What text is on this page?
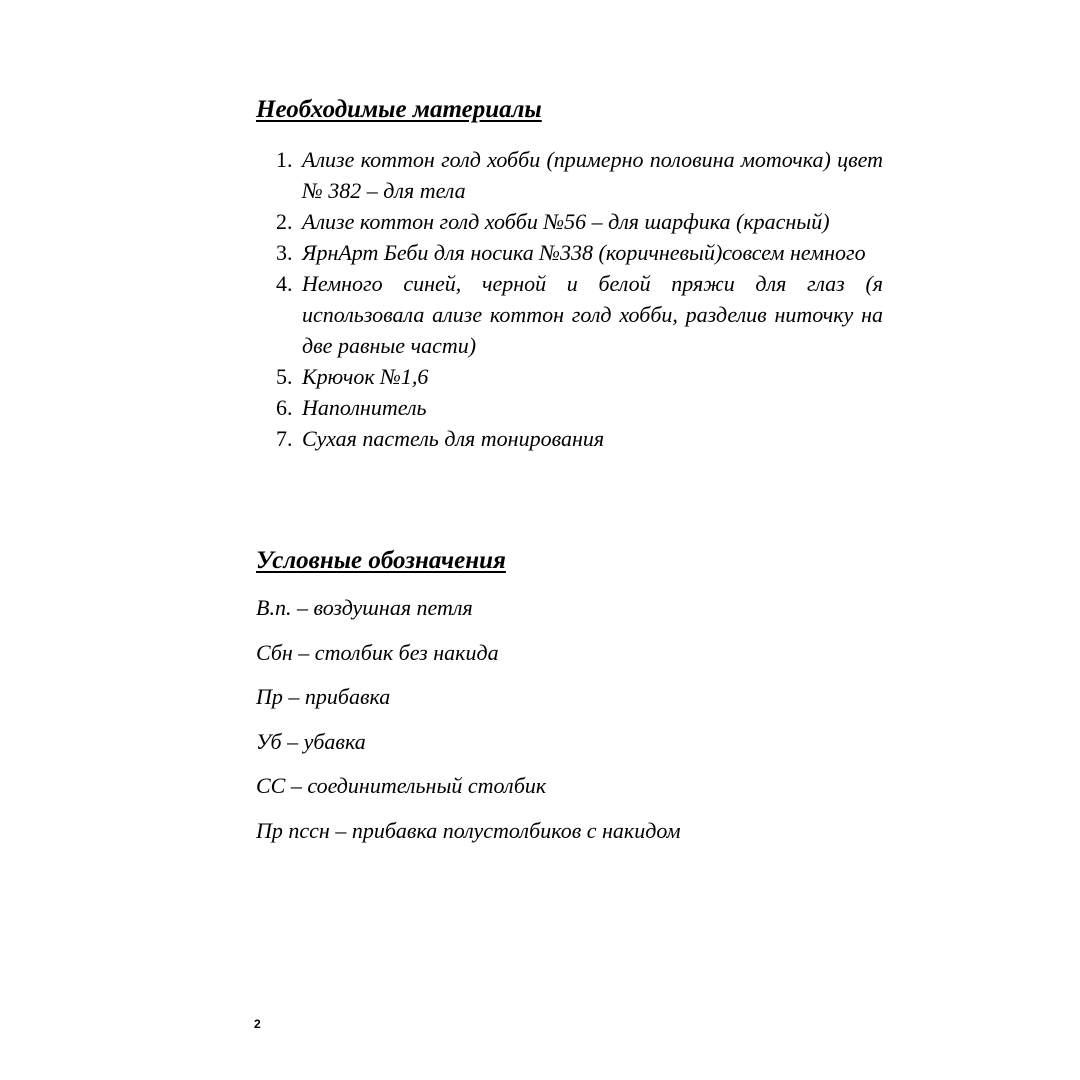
Необходимые материалы
1. Ализе коттон голд хобби (примерно половина моточка) цвет № 382 – для тела
2. Ализе коттон голд хобби №56 – для шарфика (красный)
3. ЯрнАрт Беби для носика №338 (коричневый)совсем немного
4. Немного синей, черной и белой пряжи для глаз (я использовала ализе коттон голд хобби, разделив ниточку на две равные части)
5. Крючок №1,6
6. Наполнитель
7. Сухая пастель для тонирования
Условные обозначения
В.п. – воздушная петля
Сбн – столбик без накида
Пр – прибавка
Уб – убавка
СС – соединительный столбик
Пр пссн – прибавка полустолбиков с накидом
2
